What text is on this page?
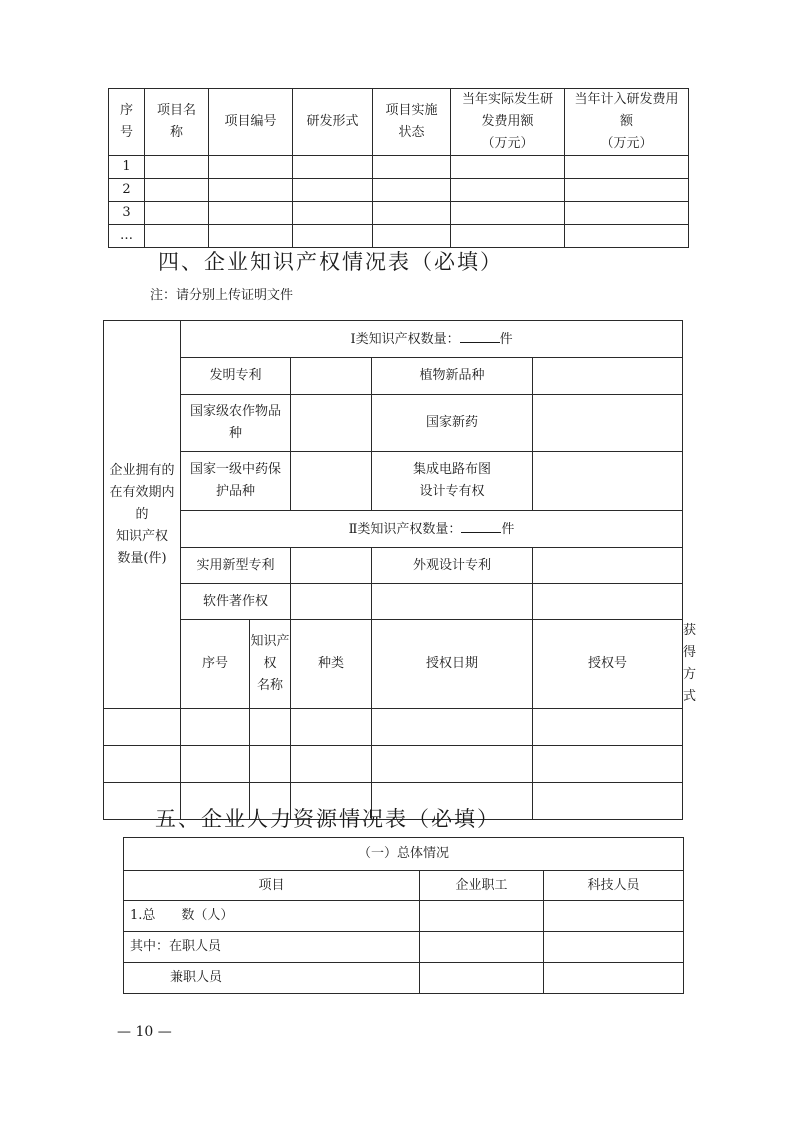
序
号	项目名
称	项目编号	研发形式	项目实施
状态	当年实际发生研
发费用额
（万元）	当年计入研发费用
额
（万元）
1						
2						
3						
…						
四、企业知识产权情况表（必填）
注：请分别上传证明文件
企业拥有的
在有效期内
的
知识产权
数量(件)	Ⅰ类知识产权数量： 件					
	发明专利			植物新品种		
	国家级农作物品
种			国家新药		
	国家一级中药保
护品种			集成电路布图
设计专有权		
	Ⅱ类知识产权数量： 件					
	实用新型专利			外观设计专利		
	软件著作权					
	序号	知识产权
名称	种类	授权日期	授权号	获得方式

五、企业人力资源情况表（必填）
（一）总体情况		
项目	企业职工	科技人员
1.总　　数（人）		
其中：在职人员		
兼职人员		
— 10 —
